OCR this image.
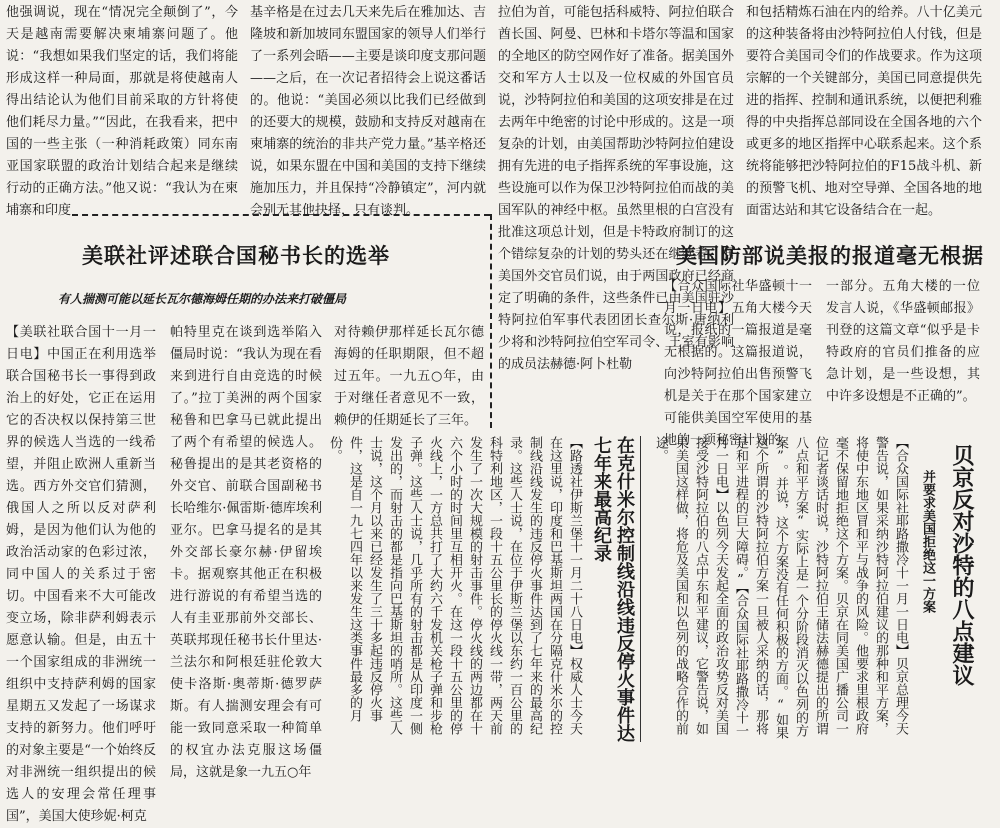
他强调说，现在“情况完全颠倒了”，今天是越南需要解决柬埔寨问题了。他说：“我想如果我们坚定的话，我们将能形成这样一种局面，那就是将使越南人得出结论认为他们目前采取的方针将使他们耗尽力量。”“因此，在我看来，把中国的一些主张（一种消耗政策）同东南亚国家联盟的政治计划结合起来是继续行动的正确方法。”他又说：“我认为在柬埔寨和印度

基辛格是在过去几天来先后在雅加达、吉隆坡和新加坡同东盟国家的领导人们举行了一系列会晤——主要是谈印度支那问题——之后，在一次记者招待会上说这番话的。他说：“美国必须以比我们已经做到的还要大的规模，鼓励和支持反对越南在柬埔寨的统治的非共产党力量。”基辛格还说，如果东盟在中国和美国的支持下继续施加压力，并且保持“冷静镇定”，河内就会别无其他抉择，只有谈判。

拉伯为首，可能包括科威特、阿拉伯联合酋长国、阿曼、巴林和卡塔尔等温和国家的全地区的防空网作好了准备。据美国外交和军方人士以及一位权威的外国官员说，沙特阿拉伯和美国的这项安排是在过去两年中绝密的讨论中形成的。这是一项复杂的计划，由美国帮助沙特阿拉伯建设拥有先进的电子指挥系统的军事设施，这些设施可以作为保卫沙特阿拉伯而战的美国军队的神经中枢。虽然里根的白宫没有批准这项总计划，但是卡特政府制订的这个错综复杂的计划的势头还在继续着。据美国外交官员们说，由于两国政府已经商定了明确的条件，这些条件已由美国驻沙特阿拉伯军事代表团团长查尔斯·唐纳利少将和沙特阿拉伯空军司令、王室有影响的成员法赫德·阿卜杜勒

和包括精炼石油在内的给养。八十亿美元的这种装备将由沙特阿拉伯人付钱，但是要符合美国司令们的作战要求。作为这项宗解的一个关键部分，美国已同意提供先进的指挥、控制和通讯系统，以便把利雅得的中央指挥总部同设在全国各地的六个或更多的地区指挥中心联系起来。这个系统将能够把沙特阿拉伯的F15战斗机、新的预警飞机、地对空导弹、全国各地的地面雷达站和其它设备结合在一起。

美联社评述联合国秘书长的选举
有人揣测可能以延长瓦尔德海姆任期的办法来打破僵局

【美联社联合国十一月一日电】中国正在利用选举联合国秘书长一事得到政治上的好处，它正在运用它的否决权以保持第三世界的候选人当选的一线希望，并阻止欧洲人重新当选。西方外交官们猜测，俄国人之所以反对萨利姆，是因为他们认为他的政治活动家的色彩过浓，同中国人的关系过于密切。中国看来不大可能改变立场，除非萨利姆表示愿意认输。但是，由五十一个国家组成的非洲统一组织中支持萨利姆的国家星期五又发起了一场谋求支持的新努力。他们呼吁的对象主要是“一个始终反对非洲统一组织提出的候选人的安理会常任理事国”，美国大使珍妮·柯克

帕特里克在谈到选举陷入僵局时说：“我认为现在看来到进行自由竞选的时候了。”拉丁美洲的两个国家秘鲁和巴拿马已就此提出了两个有希望的候选人。秘鲁提出的是其老资格的外交官、前联合国副秘书长哈维尔·佩雷斯·德库埃利亚尔。巴拿马提名的是其外交部长豪尔赫·伊留埃卡。据观察其他正在积极进行游说的有希望当选的人有圭亚那前外交部长、英联邦现任秘书长什里达·兰法尔和阿根廷驻伦敦大使卡洛斯·奥蒂斯·德罗萨斯。有人揣测安理会有可能一致同意采取一种简单的权宜办法克服这场僵局，这就是象一九五○年

对待赖伊那样延长瓦尔德海姆的任职期限，但不超过五年。一九五○年，由于对继任者意见不一致，赖伊的任期延长了三年。

美国防部说美报的报道毫无根据

【合众国际社华盛顿十一月一日电】五角大楼今天说，报纸的一篇报道是毫无根据的。这篇报道说，向沙特阿拉伯出售预警飞机是关于在那个国家建立可能供美国空军使用的基地的一项秘密计划的

一部分。五角大楼的一位发言人说，《华盛顿邮报》刊登的这篇文章“似乎是卡特政府的官员们推备的应急计划，是一些设想，其中许多设想是不正确的”。

贝京反对沙特的八点建议
并要求美国拒绝这一方案

【合众国际社耶路撒冷十一月一日电】贝京总理今天警告说，如果采纳沙特阿拉伯建议的那种和平方案，将使中东地区冒和平与战争的风险。他要求里根政府毫不保留地拒绝这个方案。贝京在同美国广播公司一位记者谈话时说，沙特阿拉伯王储法赫德提出的所谓八点和平方案“实际上是一个分阶段消灭以色列的方案”。并说，这个方案没有任何积极的方面。“如果这个所谓的沙特阿拉伯方案一旦被人采纳的话，那将是和平进程的巨大障碍。”【合众国际社耶路撒冷十一月一日电】以色列今天发起全面的政治攻势反对美国接受沙特阿拉伯的八点中东和平建议，它警告说，如果美国这样做，将危及美国和以色列的战略合作的前途。

在克什米尔控制线沿线违反停火事件达七年来最高纪录

【路透社伊斯兰堡十一月二十八日电】权威人士今天在这里说，印度和巴基斯坦两国在分隔克什米尔的控制线沿线发生的违反停火事件达到了七年来的最高纪录。这些人士说，在位于伊斯兰堡以东约一百公里的科特利地区，一段十五公里长的停火线一带，两天前发生了一次大规模的射击事件。停火线的两边都在十六个小时的时间里互相开火。在这一段十五公里的停火线上，一方总共打了大约六千发机关枪子弹和步枪子弹。这些人士说，几乎所有的射击都是从印度一侧发出的，而射击的都是指向巴基斯坦的哨所。这些人士说，这个月以来已经发生了三十多起违反停火事件，这是自一九七四年以来发生这类事件最多的月份。
